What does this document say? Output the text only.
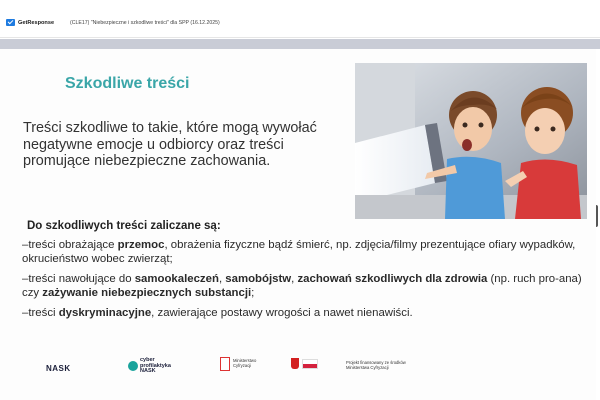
GetResponse	(CLE17) "Niebezpieczne i szkodliwe treści" dla SPP (16.12.2025)
Szkodliwe treści
Treści szkodliwe to takie, które mogą wywołać negatywne emocje u odbiorcy oraz treści promujące niebezpieczne zachowania.
Do szkodliwych treści zaliczane są:
–treści obrażające przemoc, obrażenia fizyczne bądź śmierć, np. zdjęcia/filmy prezentujące ofiary wypadków, okrucieństwo wobec zwierząt;
–treści nawołujące do samookaleczeń, samobójstw, zachowań szkodliwych dla zdrowia (np. ruch pro-ana) czy zażywanie niebezpiecznych substancji;
–treści dyskryminacyjne, zawierające postawy wrogości a nawet nienawiści.
NASK
cyber
profilaktyka
NASK
Ministerstwo
Cyfryzacji
Projekt finansowany ze środków
Ministerstwa Cyfryzacji
